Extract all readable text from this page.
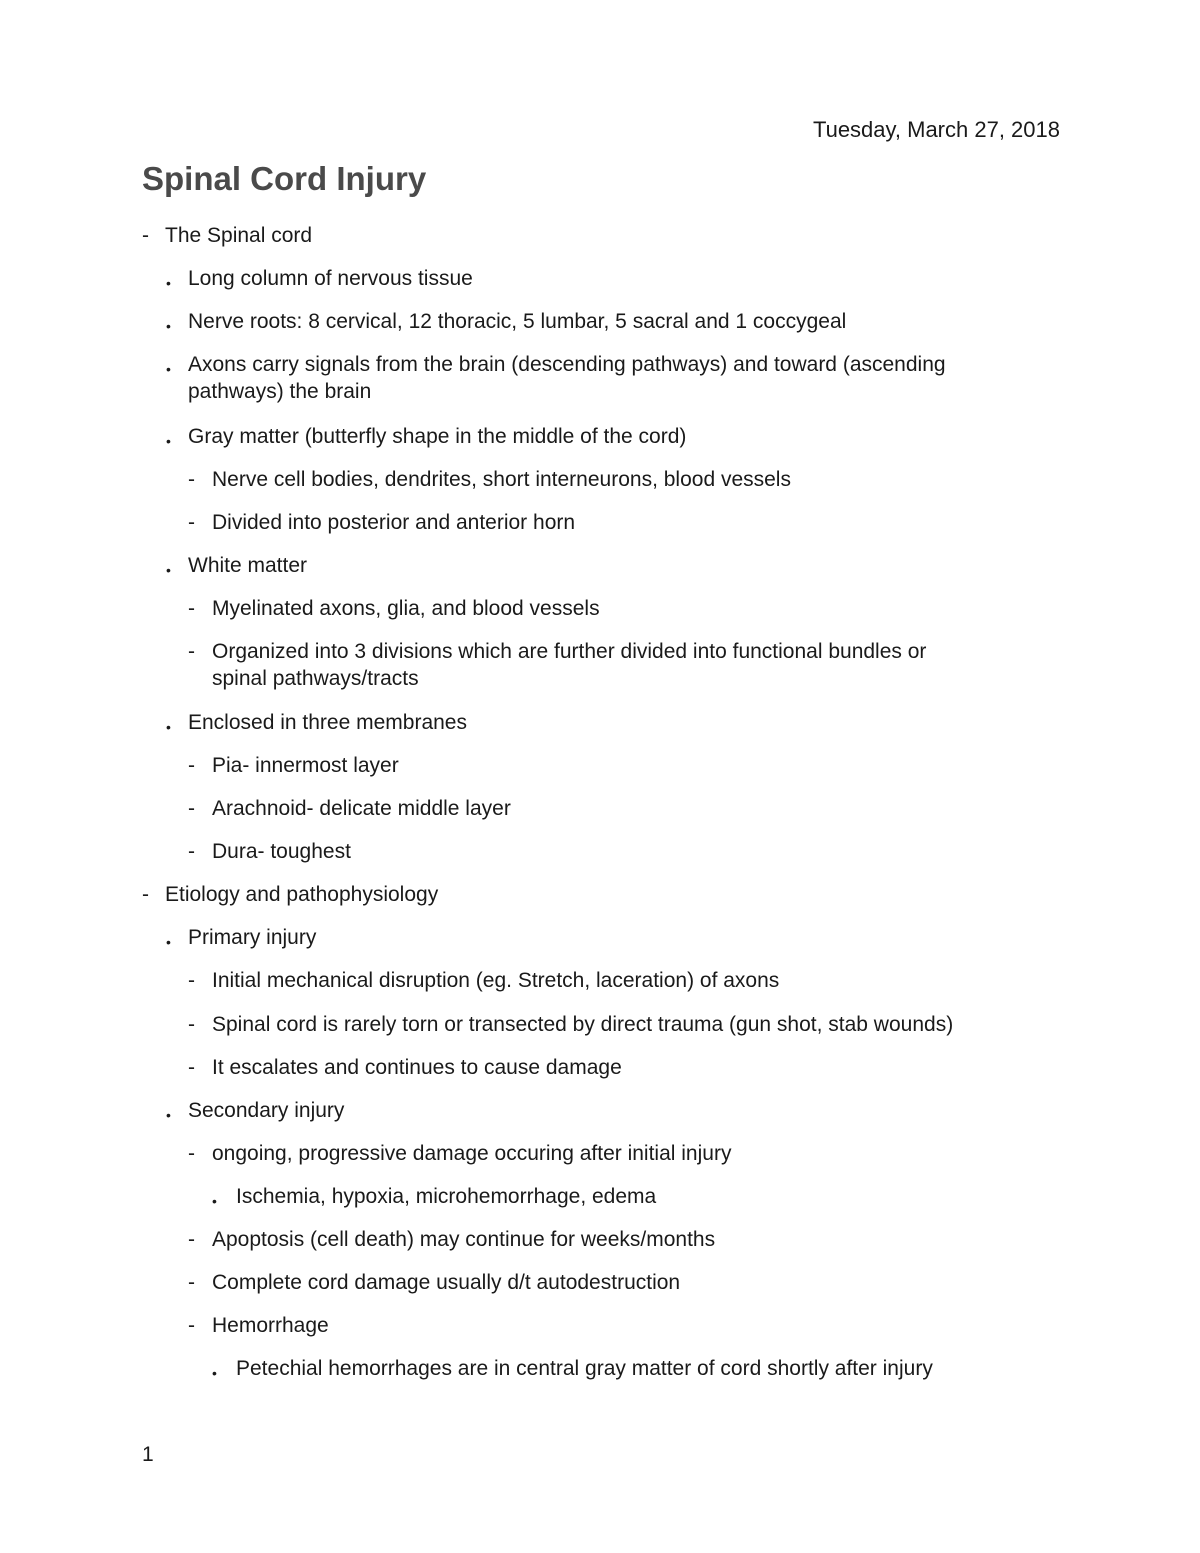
Tuesday, March 27, 2018
Spinal Cord Injury
- The Spinal cord
• Long column of nervous tissue
• Nerve roots: 8 cervical, 12 thoracic, 5 lumbar, 5 sacral and 1 coccygeal
• Axons carry signals from the brain (descending pathways) and toward (ascending
pathways) the brain
• Gray matter (butterfly shape in the middle of the cord)
- Nerve cell bodies, dendrites, short interneurons, blood vessels
- Divided into posterior and anterior horn
• White matter
- Myelinated axons, glia, and blood vessels
- Organized into 3 divisions which are further divided into functional bundles or
spinal pathways/tracts
• Enclosed in three membranes
- Pia- innermost layer
- Arachnoid- delicate middle layer
- Dura- toughest
- Etiology and pathophysiology
• Primary injury
- Initial mechanical disruption (eg. Stretch, laceration) of axons
- Spinal cord is rarely torn or transected by direct trauma (gun shot, stab wounds)
- It escalates and continues to cause damage
• Secondary injury
- ongoing, progressive damage occuring after initial injury
• Ischemia, hypoxia, microhemorrhage, edema
- Apoptosis (cell death) may continue for weeks/months
- Complete cord damage usually d/t autodestruction
- Hemorrhage
• Petechial hemorrhages are in central gray matter of cord shortly after injury
1
